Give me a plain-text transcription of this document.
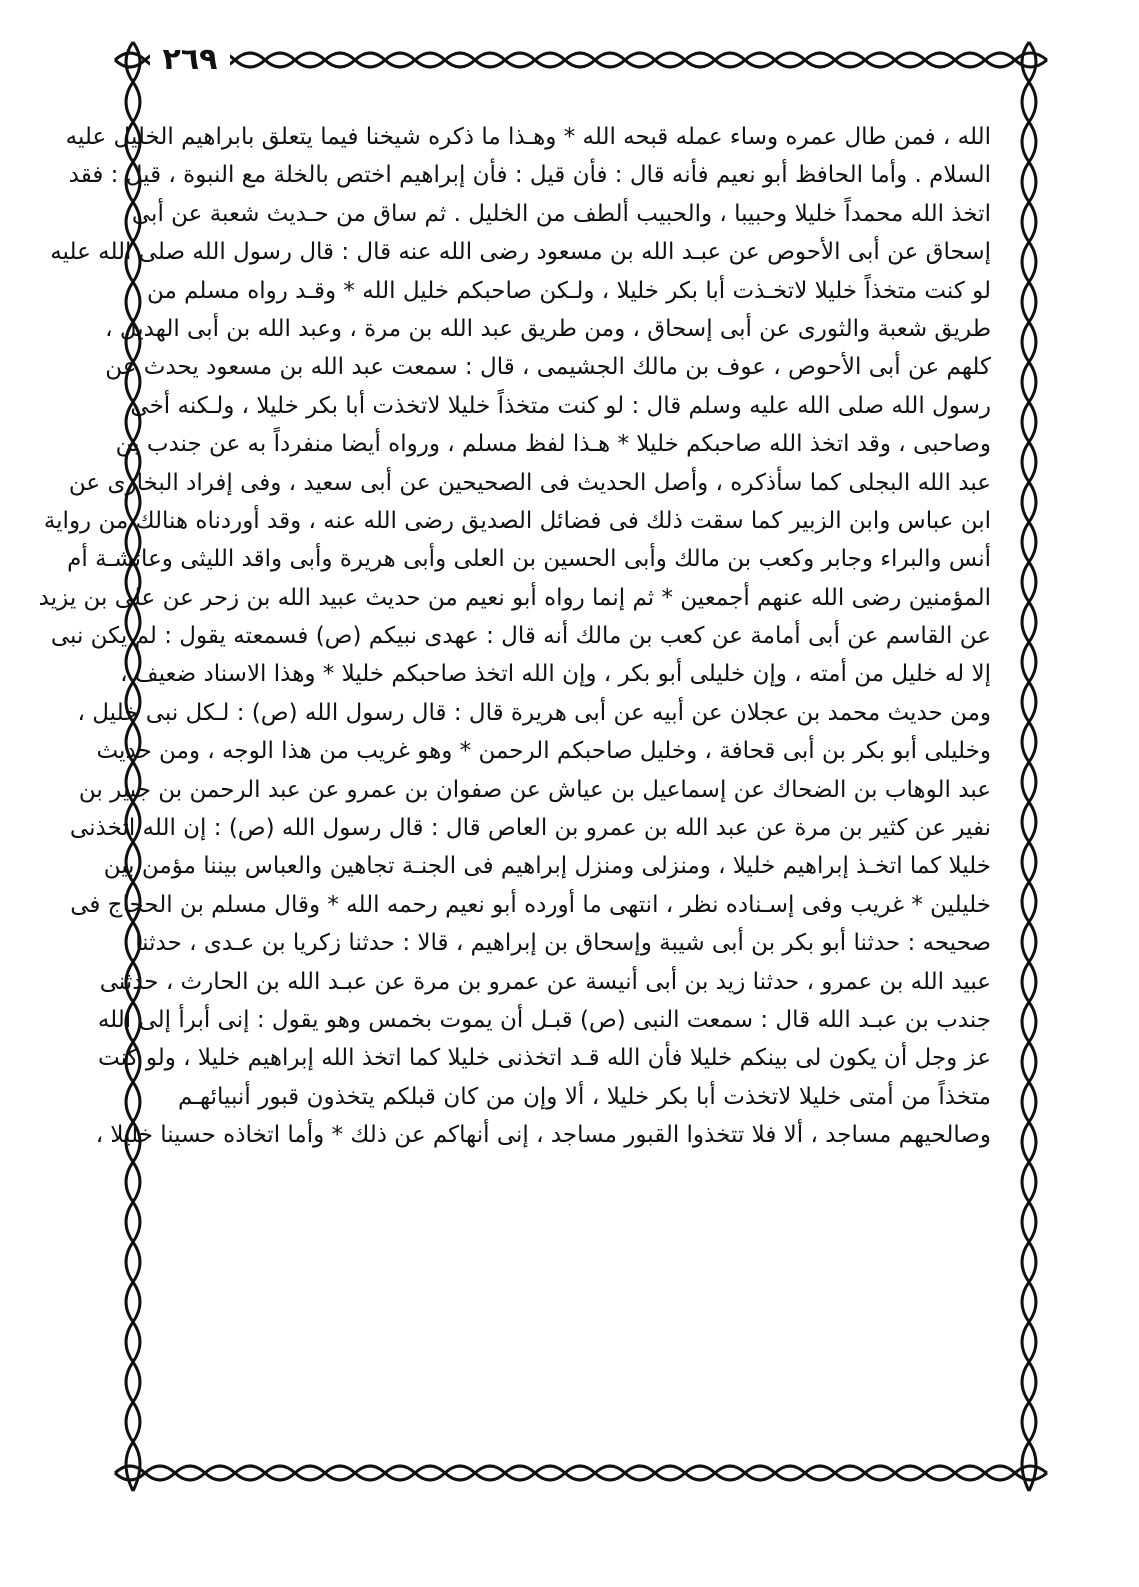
٢٦٩
الله ، فمن طال عمره وساء عمله قبحه الله * وهـذا ما ذكره شيخنا فيما يتعلق بابراهيم الخليل عليه
السلام . وأما الحافظ أبو نعيم فأنه قال : فأن قيل : فأن إبراهيم اختص بالخلة مع النبوة ، قيل : فقد
اتخذ الله محمداً خليلا وحبيبا ، والحبيب ألطف من الخليل . ثم ساق من حـديث شعبة عن أبى
إسحاق عن أبى الأحوص عن عبـد الله بن مسعود رضى الله عنه قال : قال رسول الله صلى الله عليه
لو كنت متخذاً خليلا لاتخـذت أبا بكر خليلا ، ولـكن صاحبكم خليل الله * وقـد رواه مسلم من
طريق شعبة والثورى عن أبى إسحاق ، ومن طريق عبد الله بن مرة ، وعبد الله بن أبى الهديل ،
كلهم عن أبى الأحوص ، عوف بن مالك الجشيمى ، قال : سمعت عبد الله بن مسعود يحدث عن
رسول الله صلى الله عليه وسلم قال : لو كنت متخذاً خليلا لاتخذت أبا بكر خليلا ، ولـكنه أخى
وصاحبى ، وقد اتخذ الله صاحبكم خليلا * هـذا لفظ مسلم ، ورواه أيضا منفرداً به عن جندب بن
عبد الله البجلى كما سأذكره ، وأصل الحديث فى الصحيحين عن أبى سعيد ، وفى إفراد البخارى عن
ابن عباس وابن الزبير كما سقت ذلك فى فضائل الصديق رضى الله عنه ، وقد أوردناه هنالك من رواية
أنس والبراء وجابر وكعب بن مالك وأبى الحسين بن العلى وأبى هريرة وأبى واقد الليثى وعائشـة أم
المؤمنين رضى الله عنهم أجمعين * ثم إنما رواه أبو نعيم من حديث عبيد الله بن زحر عن على بن يزيد
عن القاسم عن أبى أمامة عن كعب بن مالك أنه قال : عهدى نبيكم (ص) فسمعته يقول : لم يكن نبى
إلا له خليل من أمته ، وإن خليلى أبو بكر ، وإن الله اتخذ صاحبكم خليلا * وهذا الاسناد ضعيف ،
ومن حديث محمد بن عجلان عن أبيه عن أبى هريرة قال : قال رسول الله (ص) : لـكل نبى خليل ،
وخليلى أبو بكر بن أبى قحافة ، وخليل صاحبكم الرحمن * وهو غريب من هذا الوجه ، ومن حديث
عبد الوهاب بن الضحاك عن إسماعيل بن عياش عن صفوان بن عمرو عن عبد الرحمن بن جبير بن
نفير عن كثير بن مرة عن عبد الله بن عمرو بن العاص قال : قال رسول الله (ص) : إن الله اتخذنى
خليلا كما اتخـذ إبراهيم خليلا ، ومنزلى ومنزل إبراهيم فى الجنـة تجاهين والعباس بيننا مؤمن بين
خليلين * غريب وفى إسـناده نظر ، انتهى ما أورده أبو نعيم رحمه الله * وقال مسلم بن الحجاج فى
صحيحه : حدثنا أبو بكر بن أبى شيبة وإسحاق بن إبراهيم ، قالا : حدثنا زكريا بن عـدى ، حدثنا
عبيد الله بن عمرو ، حدثنا زيد بن أبى أنيسة عن عمرو بن مرة عن عبـد الله بن الحارث ، حدثنى
جندب بن عبـد الله قال : سمعت النبى (ص) قبـل أن يموت بخمس وهو يقول : إنى أبرأ إلى الله
عز وجل أن يكون لى بينكم خليلا فأن الله قـد اتخذنى خليلا كما اتخذ الله إبراهيم خليلا ، ولو كنت
متخذاً من أمتى خليلا لاتخذت أبا بكر خليلا ، ألا وإن من كان قبلكم يتخذون قبور أنبيائهـم
وصالحيهم مساجد ، ألا فلا تتخذوا القبور مساجد ، إنى أنهاكم عن ذلك * وأما اتخاذه حسينا خليلا ،
